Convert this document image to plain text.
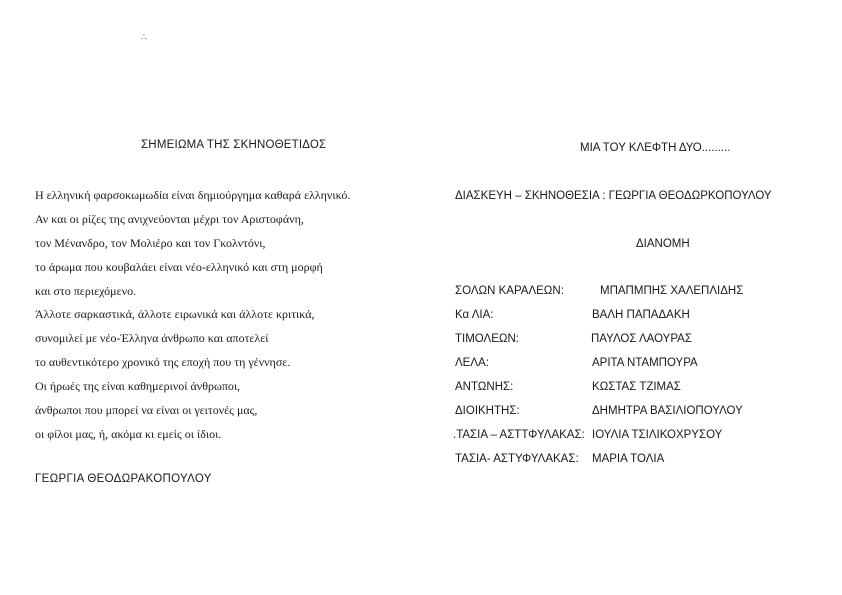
∴
ΣΗΜΕΙΩΜΑ ΤΗΣ ΣΚΗΝΟΘΕΤΙΔΟΣ
Η ελληνική φαρσοκωμωδία είναι δημιούργημα καθαρά ελληνικό.
Αν και οι ρίζες της ανιχνεύονται μέχρι τον Αριστοφάνη,
τον Μένανδρο, τον Μολιέρο και τον Γκολντόνι,
το άρωμα που κουβαλάει είναι νέο-ελληνικό και στη μορφή
και στο περιεχόμενο.
Άλλοτε σαρκαστικά, άλλοτε ειρωνικά και άλλοτε κριτικά,
συνομιλεί με νέο-Έλληνα άνθρωπο και αποτελεί
το αυθεντικότερο χρονικό της εποχή που τη γέννησε.
Οι ήρωές της είναι καθημερινοί άνθρωποι,
άνθρωποι που μπορεί να είναι οι γειτονές μας,
οι φίλοι μας, ή, ακόμα κι εμείς οι ίδιοι.
ΓΕΩΡΓΙΑ ΘΕΟΔΩΡΑΚΟΠΟΥΛΟΥ
ΜΙΑ ΤΟΥ ΚΛΕΦΤΗ ΔΥΟ.........
ΔΙΑΣΚΕΥΗ – ΣΚΗΝΟΘΕΣΙΑ : ΓΕΩΡΓΙΑ ΘΕΟΔΩΡΚΟΠΟΥΛΟΥ
ΔΙΑΝΟΜΗ
ΣΟΛΩΝ ΚΑΡΑΛΕΩΝ:	ΜΠΑΠΜΠΗΣ ΧΑΛΕΠΛΙΔΗΣ
Κα ΛΙΑ:	ΒΑΛΗ ΠΑΠΑΔΑΚΗ
ΤΙΜΟΛΕΩΝ:	ΠΑΥΛΟΣ ΛΑΟΥΡΑΣ
ΛΕΛΑ:	ΑΡΙΤΑ ΝΤΑΜΠΟΥΡΑ
ΑΝΤΩΝΗΣ:	ΚΩΣΤΑΣ ΤΖΙΜΑΣ
ΔΙΟΙΚΗΤΗΣ:	ΔΗΜΗΤΡΑ ΒΑΣΙΛΙΟΠΟΥΛΟΥ
.ΤΑΣΙΑ – ΑΣΤΤΦΥΛΑΚΑΣ: ΙΟΥΛΙΑ ΤΣΙΛΙΚΟΧΡΥΣΟΥ
ΤΑΣΙΑ- ΑΣΤΥΦΥΛΑΚΑΣ: ΜΑΡΙΑ ΤΟΛΙΑ
